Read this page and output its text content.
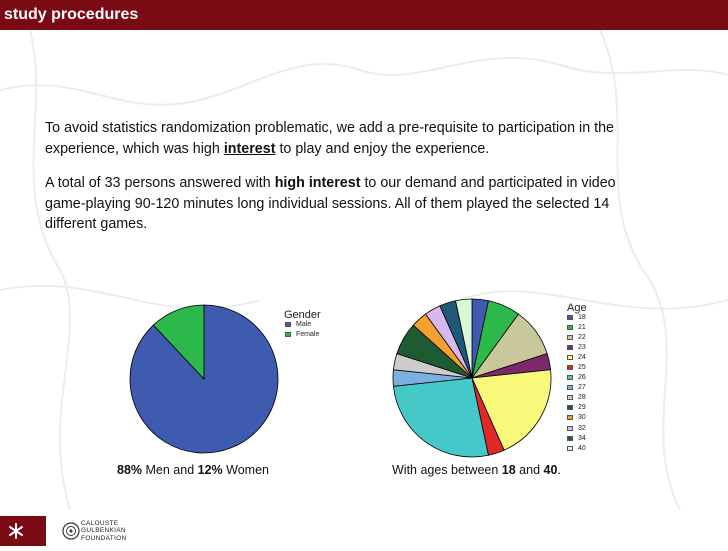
study procedures

To avoid statistics randomization problematic, we add a pre-requisite to participation in the experience, which was high interest to play and enjoy the experience.

A total of 33 persons answered with high interest to our demand and participated in video game-playing 90-120 minutes long individual sessions. All of them played the selected 14 different games.

Gender
Male
Female
Age
18
21
22
23
24
25
26
27
28
29
30
32
34
40
88% Men and 12% Women	With ages between 18 and 40.
CALOUSTE
GULBENKIAN
FOUNDATION
